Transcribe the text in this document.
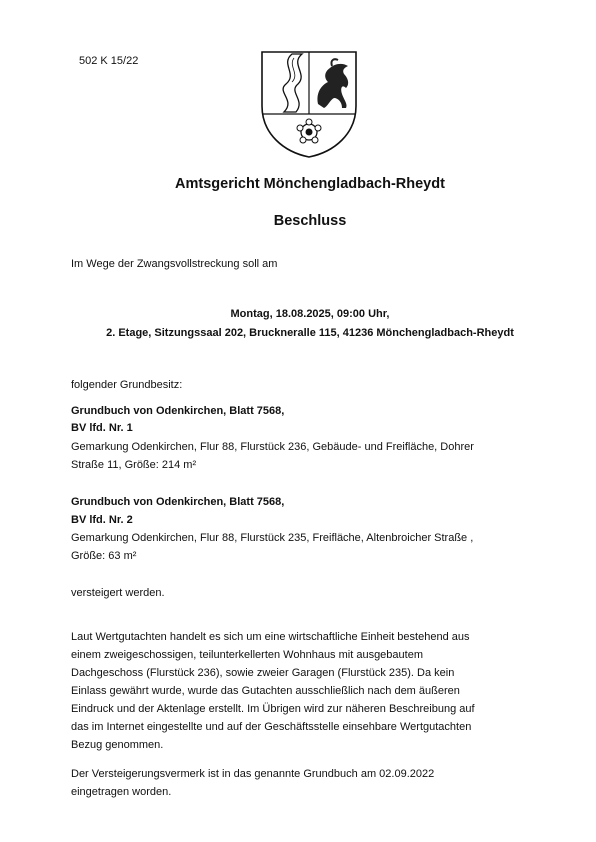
502 K 15/22
Amtsgericht Mönchengladbach-Rheydt
Beschluss
Im Wege der Zwangsvollstreckung soll am
Montag, 18.08.2025, 09:00 Uhr,
2. Etage, Sitzungssaal 202, Bruckneralle 115, 41236 Mönchengladbach-Rheydt
folgender Grundbesitz:
Grundbuch von Odenkirchen, Blatt 7568,
BV lfd. Nr. 1
Gemarkung Odenkirchen, Flur 88, Flurstück 236, Gebäude- und Freifläche, Dohrer
Straße 11, Größe: 214 m²
Grundbuch von Odenkirchen, Blatt 7568,
BV lfd. Nr. 2
Gemarkung Odenkirchen, Flur 88, Flurstück 235, Freifläche, Altenbroicher Straße ,
Größe: 63 m²
versteigert werden.
Laut Wertgutachten handelt es sich um eine wirtschaftliche Einheit bestehend aus
einem zweigeschossigen, teilunterkellerten Wohnhaus mit ausgebautem
Dachgeschoss (Flurstück 236), sowie zweier Garagen (Flurstück 235). Da kein
Einlass gewährt wurde, wurde das Gutachten ausschließlich nach dem äußeren
Eindruck und der Aktenlage erstellt. Im Übrigen wird zur näheren Beschreibung auf
das im Internet eingestellte und auf der Geschäftsstelle einsehbare Wertgutachten
Bezug genommen.
Der Versteigerungsvermerk ist in das genannte Grundbuch am 02.09.2022
eingetragen worden.
